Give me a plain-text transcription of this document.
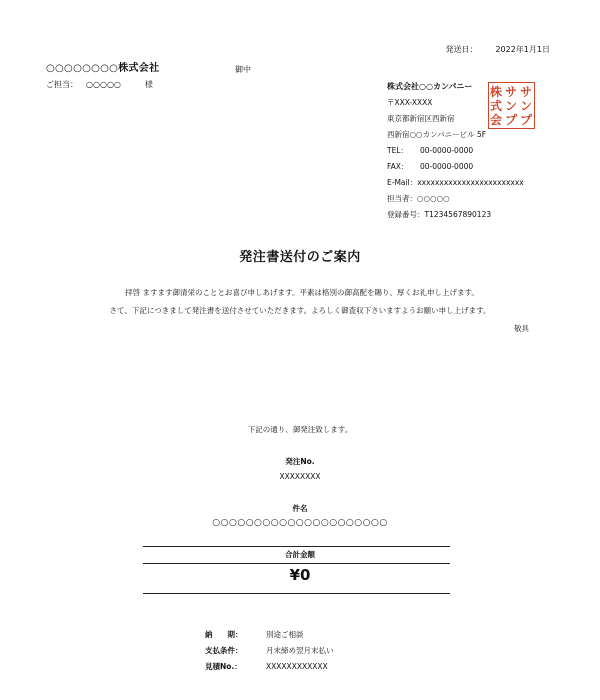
発送日： 2022年1月1日
○○○○○○○○株式会社	御中
ご担当： ○○○○○	様	株式会社○○カンパニー
〒XXX-XXXX
東京都新宿区西新宿
西新宿○○カンパニービル 5F
TEL： 00-0000-0000
FAX： 00-0000-0000
E-Mail：xxxxxxxxxxxxxxxxxxxxxxxx
担当者：○○○○○
登録番号：T1234567890123
株
式
会
サ
ン
プ
サ
ン
プ
発注書送付のご案内
拝啓 ますます御清栄のこととお喜び申しあげます。平素は格別の御高配を賜り、厚くお礼申し上げます。
さて、下記につきまして発注書を送付させていただきます。よろしく御査収下さいますようお願い申し上げます。
敬具
下記の通り、御発注致します。
発注No.
XXXXXXXX
件名
○○○○○○○○○○○○○○○○○○○○○
合計金額
¥0
納　　期：	別途ご相談
支払条件：	月末締め翌月末払い
見積No.：	XXXXXXXXXXXX
